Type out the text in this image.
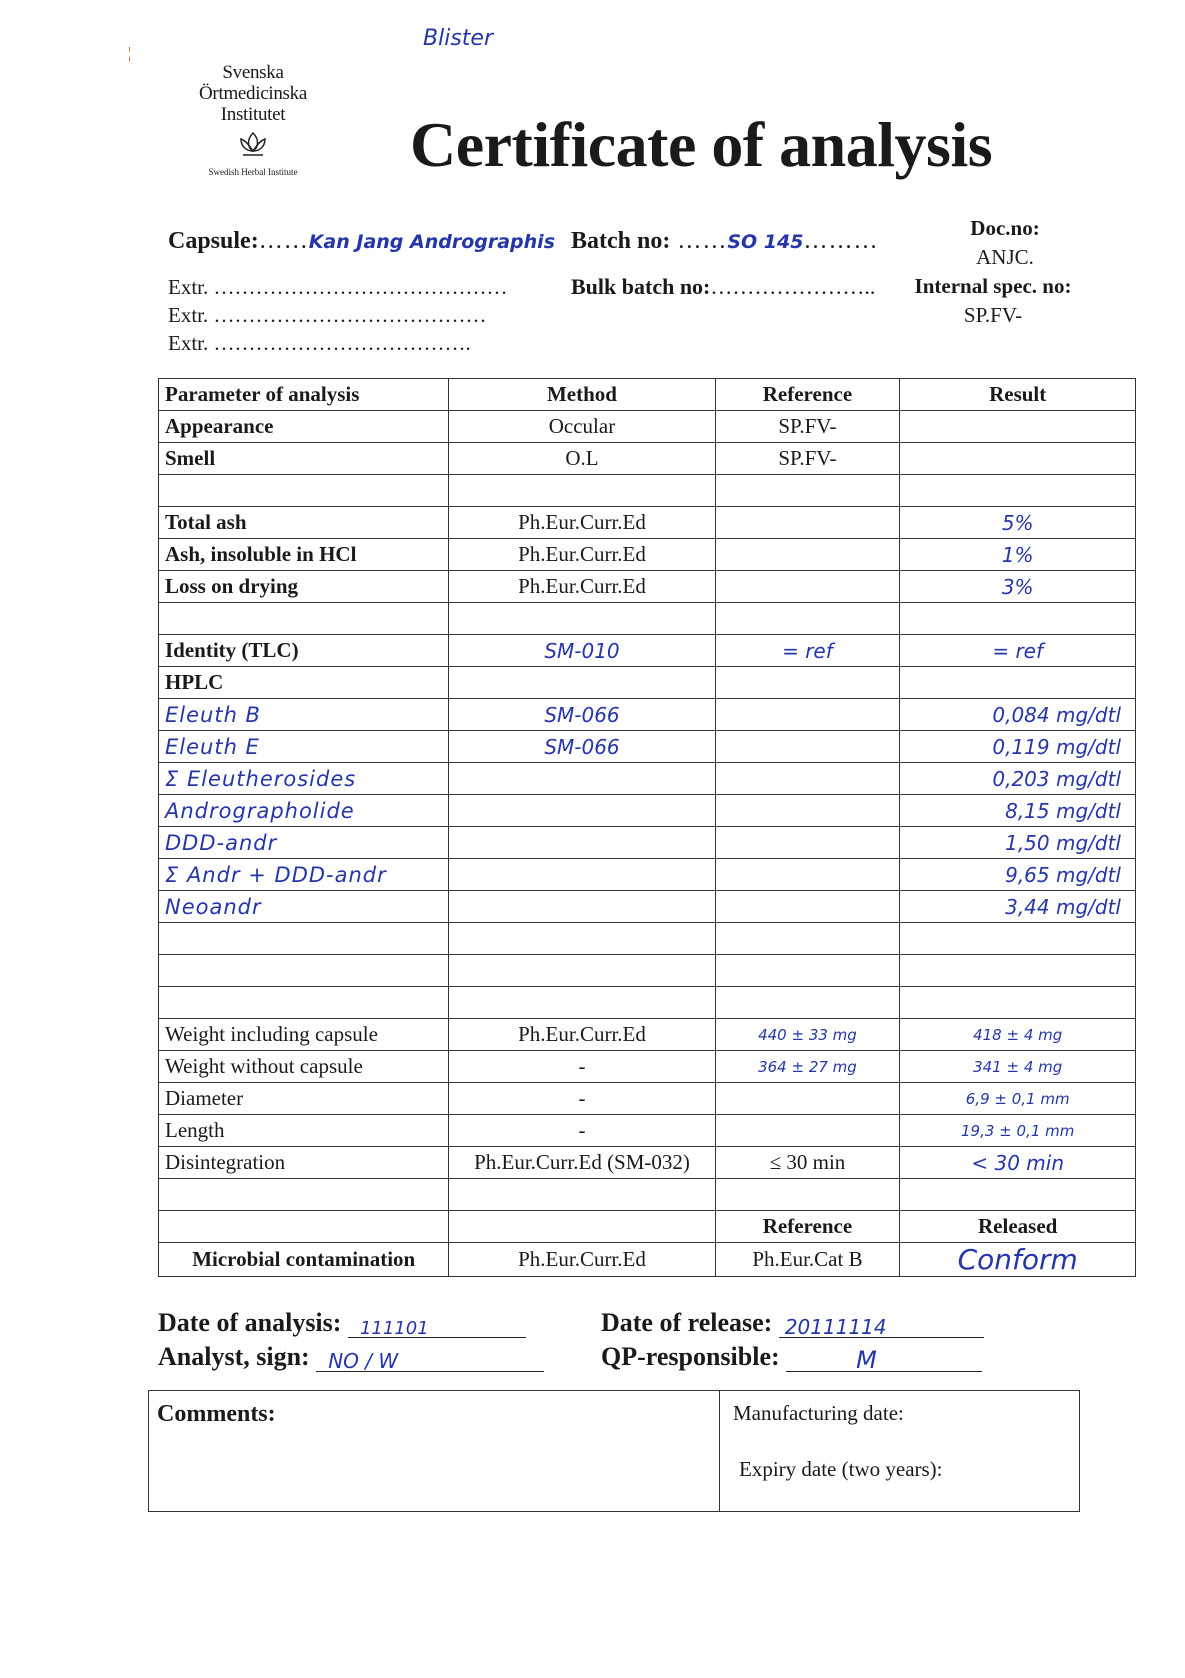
¦
Blister
Svenska
Örtmedicinska
Institutet
Swedish Herbal Institute	Certificate of analysis
Capsule:……Kan Jang Andrographis Batch no: ……SO 145………	Doc.no:
ANJC.
Extr. ……………………………………
Extr. …………………………………
Extr. ……………………………….
Bulk batch no:…………………..	Internal spec. no:
SP.FV-
Parameter of analysis	Method	Reference	Result
Appearance	Occular	SP.FV-	
Smell	O.L	SP.FV-	

Total ash	Ph.Eur.Curr.Ed		5%
Ash, insoluble in HCl	Ph.Eur.Curr.Ed		1%
Loss on drying	Ph.Eur.Curr.Ed		3%

Identity (TLC)	SM-010	= ref	= ref
HPLC			
Eleuth B	SM-066		0,084 mg/dtl
Eleuth E	SM-066		0,119 mg/dtl
Σ Eleutherosides			0,203 mg/dtl
Andrographolide			8,15 mg/dtl
DDD-andr			1,50 mg/dtl
Σ Andr + DDD-andr			9,65 mg/dtl
Neoandr			3,44 mg/dtl

Weight including capsule	Ph.Eur.Curr.Ed	440 ± 33 mg	418 ± 4 mg
Weight without capsule	-	364 ± 27 mg	341 ± 4 mg
Diameter	-		6,9 ± 0,1 mm
Length	-		19,3 ± 0,1 mm
Disintegration	Ph.Eur.Curr.Ed (SM-032)	≤ 30 min	< 30 min

		Reference	Released
Microbial contamination	Ph.Eur.Curr.Ed	Ph.Eur.Cat B	Conform
Date of analysis: 111101
Analyst, sign: NO / W
Date of release: 20111114
QP-responsible:	M
Comments:	Manufacturing date:
Expiry date (two years):
